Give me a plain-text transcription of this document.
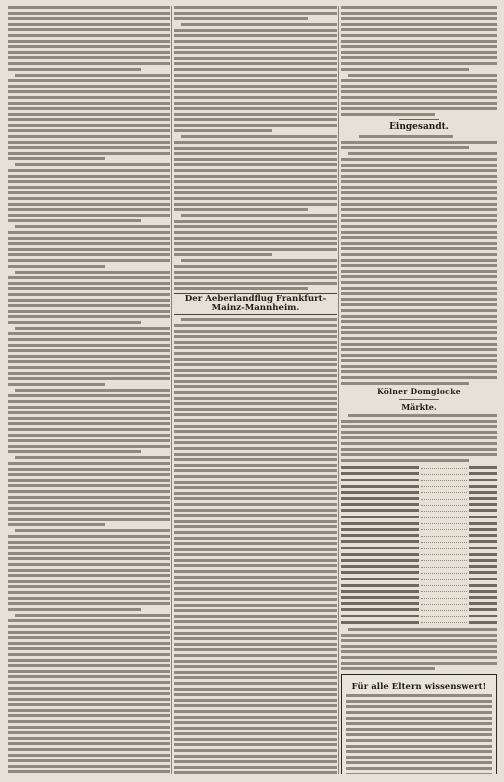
Der Aeberlandflug Frankfurt-Mainz-Mannheim.
Eingesandt.
Kölner Domglocke
Märkte.
Für alle Eltern wissenswert!
